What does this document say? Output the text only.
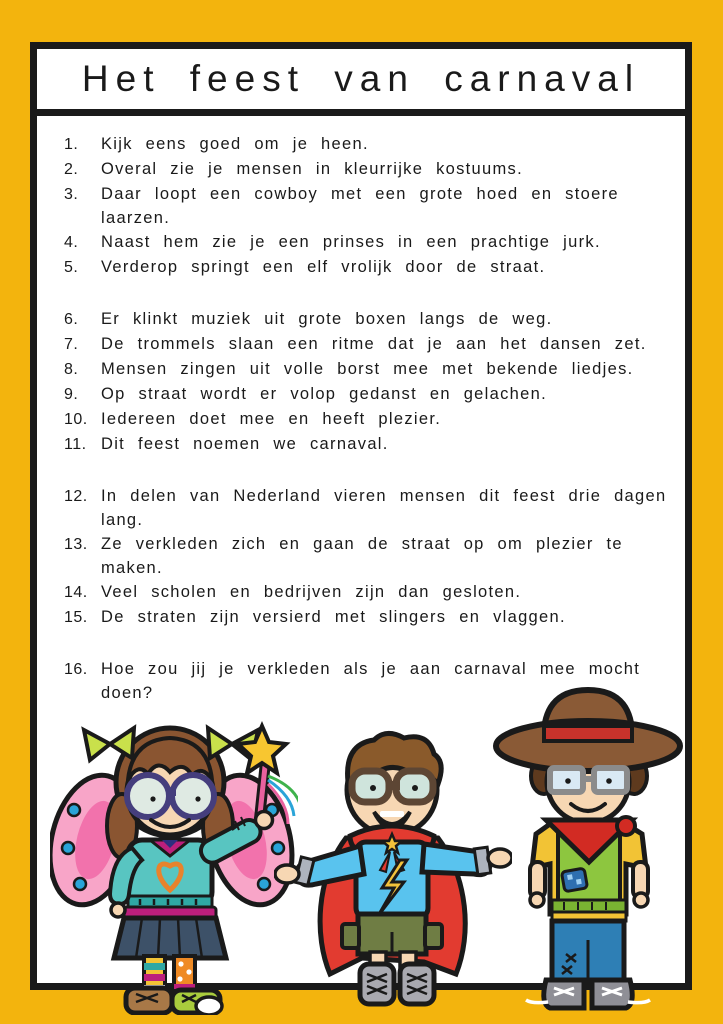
Het feest van carnaval
1.	Kijk eens goed om je heen.
2.	Overal zie je mensen in kleurrijke kostuums.
3.	Daar loopt een cowboy met een grote hoed en stoere laarzen.
4.	Naast hem zie je een prinses in een prachtige jurk.
5.	Verderop springt een elf vrolijk door de straat.
6.	Er klinkt muziek uit grote boxen langs de weg.
7.	De trommels slaan een ritme dat je aan het dansen zet.
8.	Mensen zingen uit volle borst mee met bekende liedjes.
9.	Op straat wordt er volop gedanst en gelachen.
10. Iedereen doet mee en heeft plezier.
11. Dit feest noemen we carnaval.
12. In delen van Nederland vieren mensen dit feest drie dagen lang.
13. Ze verkleden zich en gaan de straat op om plezier te maken.
14. Veel scholen en bedrijven zijn dan gesloten.
15. De straten zijn versierd met slingers en vlaggen.
16. Hoe zou jij je verkleden als je aan carnaval mee mocht doen?
